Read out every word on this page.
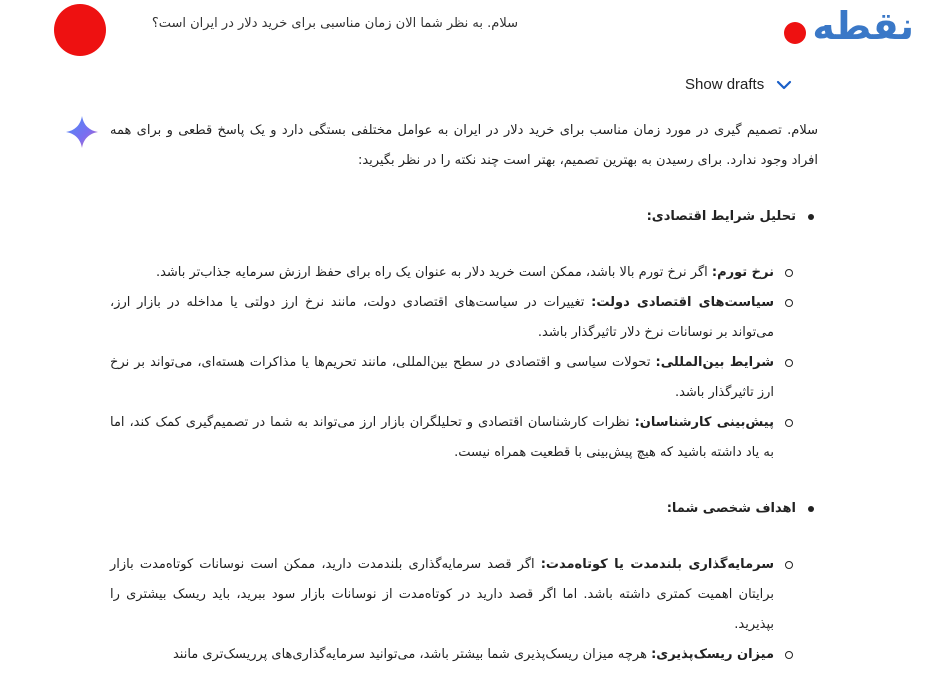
سلام. به نظر شما الان زمان مناسبی برای خرید دلار در ایران است؟	نقطه
Show drafts

سلام. تصمیم گیری در مورد زمان مناسب برای خرید دلار در ایران به عوامل مختلفی بستگی دارد و یک پاسخ قطعی و برای همه افراد وجود ندارد. برای رسیدن به بهترین تصمیم، بهتر است چند نکته را در نظر بگیرید:

تحلیل شرایط اقتصادی:
نرخ تورم: اگر نرخ تورم بالا باشد، ممکن است خرید دلار به عنوان یک راه برای حفظ ارزش سرمایه جذاب‌تر باشد.
سیاست‌های اقتصادی دولت: تغییرات در سیاست‌های اقتصادی دولت، مانند نرخ ارز دولتی یا مداخله در بازار ارز، می‌تواند بر نوسانات نرخ دلار تاثیرگذار باشد.
شرایط بین‌المللی: تحولات سیاسی و اقتصادی در سطح بین‌المللی، مانند تحریم‌ها یا مذاکرات هسته‌ای، می‌تواند بر نرخ ارز تاثیرگذار باشد.
پیش‌بینی کارشناسان: نظرات کارشناسان اقتصادی و تحلیلگران بازار ارز می‌تواند به شما در تصمیم‌گیری کمک کند، اما به یاد داشته باشید که هیچ پیش‌بینی با قطعیت همراه نیست.
اهداف شخصی شما:
سرمایه‌گذاری بلندمدت یا کوتاه‌مدت: اگر قصد سرمایه‌گذاری بلندمدت دارید، ممکن است نوسانات کوتاه‌مدت بازار برایتان اهمیت کمتری داشته باشد. اما اگر قصد دارید در کوتاه‌مدت از نوسانات بازار سود ببرید، باید ریسک بیشتری را بپذیرید.
میزان ریسک‌پذیری: هرچه میزان ریسک‌پذیری شما بیشتر باشد، می‌توانید سرمایه‌گذاری‌های پرریسک‌تری مانند
